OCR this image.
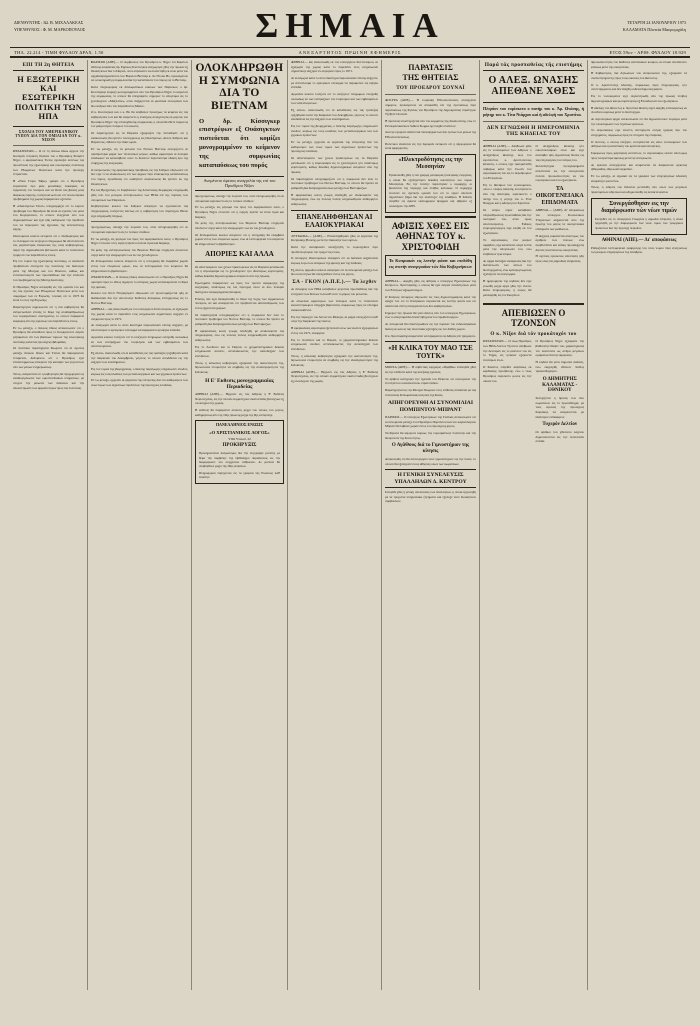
ΔΙΕΥΘΥΝΤΗΣ : ΙΩ. Β. ΜΙΧΑΛΑΚΕΑΣ
ΥΠΕΥΘΥΝΟΣ : Φ. Μ. ΜΑΡΚΟΠΟΥΛΟΣ	ΣΗΜΑΙΑ	ΤΕΤΑΡΤΗ 24 ΙΑΝΟΥΑΡΙΟΥ 1973
ΚΑΛΑΜΑΤΑ Πλατεία Μαυρομιχάλη
ΤΗΛ. 22.214 - ΤΙΜΗ ΦΥΛΛΟΥ ΔΡΑΧ. 1.50	ΑΝΕΞΑΡΤΗΤΟΣ ΠΡΩΙΝΗ ΕΦΗΜΕΡΙΣ	ΕΤΟΣ 59ον - ΑΡΙΘ. ΦΥΛΛΟΥ 18.929
ΕΠΙ ΤΗ 2η ΘΗΤΕΙΑ
Η ΕΞΩΤΕΡΙΚΗ ΚΑΙ ΕΣΩΤΕΡΙΚΗ ΠΟΛΙΤΙΚΗ ΤΩΝ ΗΠΑ
ΣΧΟΛΙΑ ΤΟΥ ΑΜΕΡΙΚΑΝΙΚΟΥ ΤΥΠΟΥ ΔΙΑ ΤΟΝ ΟΜΙΛΙΑΝ ΤΟΥ κ. ΝΙΞΟΝ

ΟΥΑΣΙΓΚΤΩΝ.— Ο εν τη Λευκω Οικω αρχισε την δευτεραν τετραετη θητειαν του ο Προεδρος Ρισαρντ Νιξον, ο αμερικανικος Τυπος σχολιαζει εκτενως τας προοπτικας της εξωτερικης και εσωτερικης πολιτικης των Ηνωμενων Πολιτειων κατα την προσεχη τετραετιαν.

Η «Νιου Γιορκ Ταϊμς» γραφει οτι ο Προεδρος ευρισκεται προ μιας μοναδικης ευκαιριας να τερματιση τον πολεμον και να θεσει τας βασεις μιας διαρκους ειρηνης, τονιζουσα ωστοσο οτι τα εσωτερικα προβληματα της χωρας παραμενουν οξυτατα.

Η «Ουασιγκτων Ποστ» υπογραμμιζει οτι το κυριον προβλημα του Προεδρου θα ειναι αι σχεσεις του μετα του Κογκρεσσου, το οποιον ελεγχεται υπο των Δημοκρατικων και εχει ηδη εκδηλωσει την προθεσιν του να περιορισει τας εξουσιας της εκτελεστικης αρχης.

Οικονομικοι κυκλοι εκτιμουν οτι ο πληθωρισμος και το ελλειμμα του ισοζυγιου πληρωμων θα αποτελεσουν τας μεγαλυτερας δυσκολιας της νεας κυβερνησεως, παρα την σημειωθεισαν βελτιωσιν κατα το τελευταιον τριμηνον του παρελθοντος ετους.

Εις τον τομεα της εξωτερικης πολιτικης, οι αναλυται προβλεπουν συνεχισιν της πολιτικης του διαλογου μετα της Μοσχας και του Πεκινου, καθως και εντατικοποιησιν των προσπαθειων δια την επιλυσιν του προβληματος της Μεσης Ανατολης.

Ο Προεδρος Νιξον ανεφερθη εις την ομιλιαν του και εις τας σχεσεις των Ηνωμενων Πολιτειων μετα των συμμαχων των εν Ευρωπη, τονισας οτι το 1973 θα ειναι το ετος της Ευρωπης.

Παρατηρηται σημειωνουν οτι η νεα κυβερνησις θα αντιμετωπισει επισης το θεμα της αναδιαρθρωσεως του νομισματικου συστηματος, το οποιον παραμενει εκκρεμες απο της κρισεως του παρελθοντος ετους.

Εν τω μεταξυ, ο Λευκος Οικος ανεκοινωσεν οτι ο Προεδρος θα απευθυνει προς το Κογκρεσσον σειραν μηνυματων επι των βασικων τομεων της εσωτερικης πολιτικης κατα τας προσεχεις εβδομαδας.

Οι πολιτικοι παρατηρηται θεωρουν οτι αι σχεσεις μεταξυ Λευκου Οικου και Τυπου θα παραμεινουν τεταμεναι, δεδομενου οτι ο Προεδρος εχει επανειλημμενως επικρινει την καλυψιν των γεγονοτων υπο των μεσων ενημερωσεως.

Τελος, αναμενεται οτι η κυβερνησις θα προχωρησει εις αναδιοργανωσιν των ομοσπονδιακων υπηρεσιων, με στοχον την μειωσιν των δαπανων και την αποκεντρωσιν των αρμοδιοτητων προς τας πολιτειας.

ΠΑΡΙΣΙΟΙ (ΑΠΕ).— Ο συμβουλος του Προεδρου κ. Νιξον επι θεματων εθνικης ασφαλειας δρ. Ερρικος Κισσινγκερ ανεχωρησε χθες την πρωιαν εξ Ουασιγκτων δια το Παρισι, οπου επρόκειτο να συναντηθη εκ νεου μετα του αρχιδιαπραγματευτου του Βορειου Βιετναμ κ. Λε Ντουκ Θο, προκειμενου να ολοκληρωθη η συμφωνια δια την καταπαυσιν του πυρος εις το Βιετναμ.

Κατα πληροφοριας εκ διπλωματικων κυκλων των Παρισιων, ο δρ. Κισσινγκερ εκομιζε μονογραμμένον υπο του Προεδρου Νιξον το κειμενον της συμφωνιας, το οποιον θα υπεγραφετο σημερον το απογευμα εις το ξενοδοχειον «Μαζεστικ», οπου διεξαγονται αι μυστικαι συνομιλιαι των δυο ανδρων απο του παρελθοντος Μαιου.

Ο κ. Κισσινγκερ και ο κ. Θο θα υπεβαλον προσεχως τα κειμενα εις τας κυβερνησεις των και θα ανεμενετο η επισημος αναγγελησις εκ μερους του Προεδρου Νιξον της επιτευχθεισης συμφωνιας, η οποια θα εθετε τερμα εις τον μακροτερον πολεμον του αιωνος.

Οι παρατηρηται εις τα Παρισια εξεφραζον την πεποιθησιν οτι η ανακοινωσις θα εγινετο ταυτοχρονως εις Ουασιγκτων, Αννοϊ, Σαϊγκον και Παρισιους, πιθανον την ιδιαν ωραν.

Εν τω μεταξυ, εις τα μετωπα του Νοτιου Βιετναμ συνεχιζοντο αι σφοδροτεραι μαχαι των τελευταιων μηνων, καθως αμφοτεραι αι πλευραι επεδιωκον να καταλαβουν οσον το δυνατον περισσοτερα εδαφη προ της εναρξεως της εκεχειριας.

Ο εκπροσωπος της αμερικανικης πρεσβειας εις την Σαϊγκον εδηλωσεν οτι δεν ειχε τι να ανακοινωση επι των φημων περι επικειμενης καταπαυσεως του πυρος, προσθεσας οτι οιαδηποτε ανακοινωσις θα εγινετο εκ της Ουασιγκτων.

Εις τας Βρυξελλας, το Συμβουλιον της Ατλαντικης Συμμαχιας ενημερωθη χθες υπο του μονιμου αντιπροσωπου των ΗΠΑ επι της πορειας των συνομιλιων των Παρισιων.

Κυβερνητικοι κυκλοι του Σαϊγκον απεφυγον να σχολιασουν τας πληροφοριας, τονιζοντες παντως οτι η κυβερνησις του στρατηγου Θιεου ειχε ενημερωθη πληρως.

προηγουμενως, αλλαξε την πορειαν του, οταν επληροφορηθη οτι αι συνομιλιαι ευρισκοντο εις το τελικον σταδιον.

Εν τω μεταξυ, εις μηνυμα του προς τον Αμερικανικον λαον, ο Προεδρος Νιξον ετονισεν οτι η ειρηνη πρεπει να ειναι τιμια και διαρκης.

Τα μελη της αντιπροσωπειας του Βορειου Βιετναμ ετηρησαν απολυτον σιγην κατα την αναχωρησιν των εκ του ξενοδοχειου.

Οι διπλωματικοι κυκλοι ανεμενον οτι η υπογραφη θα ελαμβανε χωραν εντος των επομενων ωρων, ενω αι λεπτομερειαι του κειμενου θα εδημοσιευοντο βραδυτερον.

ΟΥΑΣΙΓΚΤΩΝ.— Ο Λευκος Οικος ανεκοινωσεν οτι ο Προεδρος Νιξον θα ομιλησει προς το εθνος σημερον το εσπερας, χωρις να διευκρινισει το θεμα της ομιλιας.

Κυκλοι του Στειτ Ντηπαρτμεντ εδηλωσαν οτι προετοιμαζονται ηδη αι διαδικασιαι δια την αποστολην διεθνους δυναμεως επιτηρησεως εις το Νοτιον Βιετναμ.

ΑΘΗΝΑΙ.— Ως ανεκοινωθη εκ του υπουργειου Συντονισμου, αι εξαγωγαι της χωρας κατα το παρελθον ετος εσημειωσαν σημαντικην αυξησιν εν συγκρισει προς το 1971.

Αι εισαγωγαι κατα το αυτο διαστημα παρουσιασαν επισης αυξησιν, με αποτελεσμα το εμπορικον ελλειμμα να παραμεινει εις υψηλα επιπεδα.

Αρμοδιοι κυκλοι τονιζουν οτι το ισοζυγιον πληρωμων ενισχυθη ουσιωδως εκ των εισπραξεων του τουρισμου και των εμβασματων των ναυτιλλομενων.

Εξ αλλου, ανεκοινωθη οτι αι καταθεσεις εις τας τραπεζας ηυξηθησαν κατα την διαρκειαν του Δεκεμβριου, γεγονος το οποιον αποδιδεται εις την αυξησιν των εισοδηματων.

Εις τον τομεα της βιομηχανιας, ο δεικτης παραγωγης εσημειωσεν ανοδον, κυριως εις τους κλαδους των μεταλλουργικων και των χημικων προϊοντων.

Εν τω μεταξυ, ηρχισαν αι εργασιαι της επιτροπης δια τον καθορισμον των νεων τιμων των αγροτικων προϊοντων της προσεχους εσοδειας.

ΟΛΟΚΛΗΡΩΘΗ Η ΣΥΜΦΩΝΙΑ ΔΙΑ ΤΟ ΒΙΕΤΝΑΜ
Ο δρ. Κίσσιγκερ επιστρέφων εξ Ουάσιγκτων πιστεύεται ότι κομίζει μονογραμμένον το κείμενον της συμφωνίας καταπαύσεως του πυρός
Ανεμένετο άμεσος αναγγελία της επί του Προέδρου Νίξον

προηγουμενως, αλλαξε την πορειαν του, οταν επληροφορηθη οτι αι συνομιλιαι ευρισκοντο εις το τελικον σταδιον.

Εν τω μεταξυ, εις μηνυμα του προς τον Αμερικανικον λαον, ο Προεδρος Νιξον ετονισεν οτι η ειρηνη πρεπει να ειναι τιμια και διαρκης.

Τα μελη της αντιπροσωπειας του Βορειου Βιετναμ ετηρησαν απολυτον σιγην κατα την αναχωρησιν των εκ του ξενοδοχειου.

Οι διπλωματικοι κυκλοι ανεμενον οτι η υπογραφη θα ελαμβανε χωραν εντος των επομενων ωρων, ενω αι λεπτομερειαι του κειμενου θα εδημοσιευοντο βραδυτερον.

ΑΠΟΡΙΕΣ ΚΑΙ ΑΛΛΑ

Οι απεσταλμενοι των ξενων πρακτορειων εις τα Παρισια μετεδωσαν οτι η ατμοσφαιρα εις το ξενοδοχειον ητο ιδιαιτερως φορτισμενη, καθως δεκαδες δημοσιογραφων ανεμενον απο της πρωιας.

Ερωτηματα παραμενουν ως προς τον τροπον εφαρμογης της εκεχειριας, ιδιαιτερως εις τας περιοχας οπου αι δυο πλευραι διατηρουν αναμεμιγμενας δυναμεις.

Επισης, δεν εχει διευκρινισθη το θεμα της τυχης των αιχμαλωτων πολεμου, αν και αναφερεται οτι προβλεπεται απελευθερωσις των εντος εξηκοντα ημερων.

Οι παρατηρηται υπογραμμιζουν οτι η συμφωνια δεν λυει το πολιτικον προβλημα του Νοτιου Βιετναμ, το οποιον θα πρεπει να ρυθμισθη δια διαπραγματευσεων μεταξυ των Βιετναμεζων.

Η αμερικανικη κοινη γνωμη υπεδεχθη με ανακουφισιν τας πληροφοριας, ενω εις πολλας πολεις εσημειωθησαν αυθορμητοι εκδηλωσεις.

Εις το Λονδινον και το Παρισι, οι χρηματιστηριακοι δεικται εσημειωσαν ανοδον, αντανακλωντες την αισιοδοξιαν των επενδυτων.

Τελος, η ιαπωνικη κυβερνησις εξεφρασε την ικανοποιησιν της, δηλωνουσα ετοιμοτητα να συμβαλη εις την ανασυγκροτησιν της Ινδοκινας.

Η Ε' Εκθεσις μονογραμμιαίας Περιοδείας

ΑΘΗΝΑΙ (ΑΠΕ).— Ηρχισεν εις τας Αθηνας η Ε' Εκθεσις Χειροτεχνιας, εις την οποιαν συμμετεχουν εκατονταδες βιοτεχνων εξ ολοκληρου της χωρας.

Η εκθεσις θα παραμεινει ανοικτη μεχρι του τελους του μηνος, καθημερινως απο της 10ης πρωινης μεχρι της 9ης εσπερινης.

ΠΑΝΕΛΛΗΝΙΟΣ ΕΝΩΣΙΣ
«Ο ΧΡΙΣΤΙΑΝΙΚΟΣ ΛΟΓΟΣ»
ΥΠΟ Υποκατ. 22
ΠΡΟΚΗΡΥΞΙΣ

Προκηρυσσεται διαγωνισμος δια την συγγραφην μελετης με θεμα την συμβολην της Ορθοδοξου παραδοσεως εις την διαμορφωσιν του συγχρονου ανθρωπου. Αι μελεται θα υποβληθουν μεχρι της 30ης Απριλιου.

Πληροφοριαι παρεχονται εις τα γραφεια της Ενωσεως καθ' εκαστην.

ΑΘΗΝΑΙ.— Ως ανεκοινωθη εκ του υπουργειου Συντονισμου, αι εξαγωγαι της χωρας κατα το παρελθον ετος εσημειωσαν σημαντικην αυξησιν εν συγκρισει προς το 1971.

Αι εισαγωγαι κατα το αυτο διαστημα παρουσιασαν επισης αυξησιν, με αποτελεσμα το εμπορικον ελλειμμα να παραμεινει εις υψηλα επιπεδα.

Αρμοδιοι κυκλοι τονιζουν οτι το ισοζυγιον πληρωμων ενισχυθη ουσιωδως εκ των εισπραξεων του τουρισμου και των εμβασματων των ναυτιλλομενων.

Εξ αλλου, ανεκοινωθη οτι αι καταθεσεις εις τας τραπεζας ηυξηθησαν κατα την διαρκειαν του Δεκεμβριου, γεγονος το οποιον αποδιδεται εις την αυξησιν των εισοδηματων.

Εις τον τομεα της βιομηχανιας, ο δεικτης παραγωγης εσημειωσεν ανοδον, κυριως εις τους κλαδους των μεταλλουργικων και των χημικων προϊοντων.

Εν τω μεταξυ, ηρχισαν αι εργασιαι της επιτροπης δια τον καθορισμον των νεων τιμων των αγροτικων προϊοντων της προσεχους εσοδειας.

Οι απεσταλμενοι των ξενων πρακτορειων εις τα Παρισια μετεδωσαν οτι η ατμοσφαιρα εις το ξενοδοχειον ητο ιδιαιτερως φορτισμενη, καθως δεκαδες δημοσιογραφων ανεμενον απο της πρωιας.

Οι παρατηρηται υπογραμμιζουν οτι η συμφωνια δεν λυει το πολιτικον προβλημα του Νοτιου Βιετναμ, το οποιον θα πρεπει να ρυθμισθη δια διαπραγματευσεων μεταξυ των Βιετναμεζων.

Η αμερικανικη κοινη γνωμη υπεδεχθη με ανακουφισιν τας πληροφοριας, ενω εις πολλας πολεις εσημειωθησαν αυθορμητοι εκδηλωσεις.

ΕΠΑΝΕΛΗΦΘΗΣΑΝ ΑΙ ΕΛΑΙΟΚΥΡΙΑΚΑΙ

ΛΕΥΚΩΣΙΑ.— (ΑΠΕ).— Επανελήφθησαν χθες αι εργασιαι της Κυπριακης Βουλης, μετα την διακοπην των εορτων.

Κατα την συνεδριασιν συνεζητηθη το νομοσχεδιον περι προϋπολογισμου του τρεχοντος ετους.

Ο υπουργος Οικονομικων ανεφερεν οτι αι δαπαναι αυξανονται κυριως λογω των αναγκων της αμυνης και της παιδειας.

Εξ αλλου, αρμοδιοι κυκλοι ανεφεραν οτι αι συνομιλιαι μεταξυ των δυο κοινοτητων θα συνεχισθουν εντος του μηνος.

ΣΑ - ΓΚΟΝ (Α.Π.Ε.).— Τα λεχθεν

Αι δυναμεις των ΗΠΑ κατεβαλον μεγιστας προσπαθειας δια την ενισχυσιν των θεσεων των καθ' ολον το μηκος του μετωπου.

Αι απωλειαι αμφοτερων των πλευρων κατα το τελευταιον εικοσιτετραωρον υπηρξαν βαρυταται, συμφωνως προς τα επισημα ανακοινωθεντα.

Εις την περιοχην του Δελτα του Μεκογκ, αι μαχαι συνεχιζοντο καθ' ολην την διαρκειαν της νυκτος.

Η αμερικανικη αεροπορια εξετελεσεν ανω των εκατον εξορμησεων εντος του 1971, ανεφεραν.

Εις το Λονδινον και το Παρισι, οι χρηματιστηριακοι δεικται εσημειωσαν ανοδον, αντανακλωντες την αισιοδοξιαν των επενδυτων.

Τελος, η ιαπωνικη κυβερνησις εξεφρασε την ικανοποιησιν της, δηλωνουσα ετοιμοτητα να συμβαλη εις την ανασυγκροτησιν της Ινδοκινας.

ΑΘΗΝΑΙ (ΑΠΕ).— Ηρχισεν εις τας Αθηνας η Ε' Εκθεσις Χειροτεχνιας, εις την οποιαν συμμετεχουν εκατονταδες βιοτεχνων εξ ολοκληρου της χωρας.

ΠΑΡΑΤΑΣΙΣ
ΤΗΣ ΘΗΤΕΙΑΣ
ΤΟΥ ΠΡΟΕΔΡΟΥ ΣΟΥΝΑΪ

ΑΓΚΥΡΑ (ΑΠΕ).— Η τουρκικη Εθνοσυνελευσις συνερχεται σημερον, προκειμενου να αποφανθη επι της προτασεως περι παρατασεως της θητειας του Προεδρου της Δημοκρατιας στρατηγου Τζεβντετ Σουναϊ.

Η προτασις υποστηριζεται υπο του κομματος της Δικαιοσυνης, ενω το Ρεπουμπλικανικον Λαϊκον Κομμα εχει ταχθει εναντιον.

Δια την εγκρισιν απαιτειται πλειοψηφια των δυο τριτων των μελων της Εθνοσυνελευσεως.

Πολιτικοι αναλυται εις την Αγκυραν εκτιμουν οτι η ψηφοφορια θα ειναι αμφιρροπος.

«Ηλεκτροδότησις εις την Μεσσηνίαν

Εγκαινιασθη χθες η νεα γραμμη μεταφορας ηλεκτρικης ενεργειας, η οποια θα εξυπηρετησει δεκαδες κοινοτητων του νομου Μεσσηνιας. Εις την τελετην παρεστησαν ο νομαρχης, οι βουλευται της περιοχης και πληθος κατοικων. Ο νομαρχης ετονισεν εις σχετικην ομιλιαν του οτι το εργον αποτελει σημαντικον βημα δια την αναπτυξιν της υπαιθρου. Η δαπανη ανηλθεν εις αρκετα εκατομμυρια δραχμων και εβαρυνε εξ ολοκληρου την ΔΕΗ.

ΑΦΙΞΙΣ ΧΘΕΣ ΕΙΣ ΑΘΗΝΑΣ ΤΟΥ κ. ΧΡΙΣΤΟΦΙΔΗ
Το Κυπριακόν εις λεπτήν φάσιν και επεδόθη εις στενήν συνεργασίαν τών δύο Κυβερνήσεων

ΑΘΗΝΑΙ.— Αφιχθη χθες εις Αθηνας ο υπουργος Εξωτερικων της Κυπρου κ. Χριστοφιδης, ο οποιος θα εχει σειραν συναντησεων μετα των Ελληνων αξιωματουχων.

Ο Κυπριος υπουργος εδηλωσεν εις τους δημοσιογραφους κατα την αφιξιν του οτι το Κυπριακον ευρισκεται εις λεπτην φασιν και οτι απαιτειται στενη συνεργασια των δυο κυβερνησεων.

Σημερον την πρωιαν θα γινει δεκτος υπο του υπουργου Εξωτερικων, ενω το απογευμα θα συναντηθη μετα του πρωθυπουργου.

Αι συνομιλιαι θα επικεντρωθουν εις την πορειαν του ενδοκυπριακου διαλογου και εις τας τελευταιας εξελιξεις εις τον διεθνη χωρον.

Ο κ. Χριστοφιδης αναμενεται να παραμεινει εις Αθηνας επι τριημερον.

«Η ΚΛΙΚΑ ΤΟΥ ΜΑΟ ΤΣΕ ΤΟΥΓΚ»

ΜΟΣΧΑ (ΑΠΕ).— Η σοβιετικη εφημερις «Πραβδα» επανηλθε χθες εις την επιθεσιν κατα της κινεζικης ηγεσιας.

Το αρθρον κατηγορει την ηγεσιαν του Πεκινου οτι υπονομευει την ενοτητα του σοσιαλιστικου στρατοπεδου.

Παρατηρηται εις την Μοσχαν θεωρουν οτι η επιθεσις συνδεεται με τας τελευταιας διπλωματικας κινησεις της Κινας.

ΑΠΗΓΟΡΕΥΘΗ ΑΙ ΣΥΝΟΜΙΛΙΑΙ ΠΟΜΠΙΝΤΟΥ-ΜΠΡΑΝΤ

ΠΑΡΙΣΙΟΙ.— Ο υπουργος Εξωτερικων της Γαλλιας ανεκοινωσεν οτι αι συνομιλιαι μεταξυ του Προεδρου Πομπιντου και του καγκελλαριου Μπραντ θα λαβουν χωραν εντος του προσεχους μηνος.

Τα θεματα θα αφορουν κυριως την νομισματικην πολιτικην και την διευρυνσιν της Κοινοτητος.

Ο ΑγάΘους διά το Γιμνοστήριον της κίνησις

Ανεκοινωθη οτι θα λειτουργησει νεον γυμναστηριον εις την πολιν, το οποιον θα εξυπηρετει τους αθλητας ολων των σωματειων.

Η ΓΕΝΙΚΗ ΣΥΝΕΛΕΥΣΙΣ ΥΠΑΛΛΗΛΩΝ Δ. ΚΕΝΤΡΟΥ

Συνηλθε χθες η γενικη συνελευσις των υπαλληλων, η οποια ησχοληθη με τα τρεχοντα υπηρεσιακα ζητηματα και εξελεξε νεον διοικητικον συμβουλιον.

Παρά τάς προσπαθείας τής επιστήμης
Ο ΑΛΕΞ. ΩΝΑΣΗΣ ΑΠΕΘΑΝΕ ΧΘΕΣ
Πλησίον του ευρίσκετο ο πατήρ του κ. Άρ. Ωνάσης, ή μήτηρ του κ. Τίνα Νιάρχου καί ή αδελφή του Χριστίνα.
ΔΕΝ ΕΓΝΩΣΘΗ Η ΗΜΕΡΟΜΗΝΙΑ ΤΗΣ ΚΗΔΕΙΑΣ ΤΟΥ

ΑΘΗΝΑΙ (ΑΠΕ).— Απεβιωσε χθες εις το νοσοκομειον των Αθηνων ο Αλεξανδρος Ωνασης, υιος του εφοπλιστου κ. Αριστοτελους Ωνασση, ο οποιος ειχε τραυματισθη σοβαρως κατα την πτωσιν του αεροσκαφους του εις το αεροδρομιον του Ελληνικου.

Εις το θαλαμον του νοσοκομειου, οπου ο νεαρος Ωνασης ενοσηλευετο απο της Δευτερας, ευρισκοντο ο πατηρ του, η μητηρ του κ. Τινα Νιαρχου και η αδελφη του Χριστινα.

Οι ιατροι ειχαν καταβαλει υπερανθρωπους προσπαθειας δια την σωτηριαν του, ανευ ομως αποτελεσματος. Ειδικος νευροχειρουργος ειχε κληθη εκ του εξωτερικου.

Το αεροσκαφος, ενα μικρον αμφιβιον, ειχε καταπεσει ολιγα λεπτα μετα την απογειωσιν του, ενω επεβαινον τρια ατομα.

Αι αρχαι διεταξαν ανακρισεις δια την διαπιστωσιν των αιτιων του δυστυχηματος, ενω εμπειρογνωμονες εξεταζουν τα συντριμμια.

Η ημερομηνια της κηδειας δεν ειχε γνωσθη μεχρι αργα χθες την νυκτα. Κατα πληροφοριας, η σορος θα μεταφερθη εις τον Σκορπιον.

Ο Αλεξανδρος Ωνασης ητο εικοσιτεσσαρων ετων και ειχε αναλαβει ηδη σημαντικας θεσεις εις τας επιχειρησεις του πατρος του.

Συλλυπητηρια τηλεγραφηματα απεστειλαν εις την οικογενειαν πολλαι προσωπικοτητες εκ του εσωτερικου και του εξωτερικου.

ΤΑ ΟΙΚΟΓΕΝΕΙΑΚΑ ΕΠΙΔΟΜΑΤΑ

ΑΘΗΝΑΙ.— (ΑΠΕ). Δι' αποφασεως του υπουργου Κοινωνικων Υπηρεσιων αυξανονται απο της πρωτης του μηνος τα οικογενειακα επιδοματα των μισθωτων.

Η αυξησις κυμαινεται αναλογως του αριθμου των τεκνων, ενω προβλεπεται και ειδικη προσαυξησις δια τας πολυτεκνους οικογενειας.

Η σχετικη εγκυκλιος απεσταλη ηδη προς ολας τας αρμοδιας υπηρεσιας.

ΑΠΕΒΙΩΣΕΝ Ο ΤΖΟΝΣΟΝ
Ο κ. Νίξον διά τόν προκάτοχόν του

ΟΥΑΣΙΓΚΤΩΝ.— Ο τεως Προεδρος των ΗΠΑ Λυντον Τζονσον απεβιωσε την Δευτεραν εις το ραντσον του εις το Τεξας, εις ηλικιαν εξηκοντα τεσσαρων ετων.

Ο θανατος επηλθεν αιφνιδιως εκ καρδιακης προσβολης, ενω ο τεως Προεδρος ευρισκετο μονος εις την οικιαν του.

Ο Προεδρος Νιξον εξεφρασε την βαθυτατην θλιψιν του, χαρακτηρισας τον εκλιποντα ως ανδρα μεγαλων οραματων δια την Αμερικην.

Η κηδεια θα γινει δημοσια δαπανη, ενω εκηρυχθη εθνικον πενθος τριακονθημερον.

Ο ΔΗΜΗΤΡΗΣ ΚΑΛΑΜΑΤΑΣ - ΕΘΝΙΚΟΥ

Συνεχιζεται η δρασις των δυο σωματειων εις το πρωταθλημα, με τους αγωνας της προσεχους Κυριακης να αναμενονται με ιδιαιτερον ενδιαφερον.

Τυχερόν Δελτίον

Οι αριθμοι του χθεσινου λαχειου δημοσιευονται εις την τελευταιαν σελιδα.

προσωπικοτητες του διεθνους ναυτιλιακου κοσμου, αι οποιαι συνεδεοντο φιλικως μετα της οικογενειας.

Η Κυβερνησις, δια δηλωσεων του εκπροσωπου της, εξεφρασε τα συλλυπητηρια της προς τους οικειους του θανοντος.

Ο κ. Αριστοτελης Ωνασης, συμφωνως προς πληροφοριας, ητο συντετριμμενος και δεν εδεχθη ουδενα δημοσιογραφον.

Εις το νοσοκομειον ειχε συγκεντρωθη απο της πρωιας πληθος δημοσιογραφων και φωτορεπορτερ εξ Ελλαδος και του εξωτερικου.

Η αδελφη του θανοντος κ. Χριστινα Ωναση ειχεν αφιχθη εσπευσμενως εκ Λονδινου αμεσως μετα το δυστυχημα.

Αι αεροπορικαι αρχαι ανεκοινωσαν οτι θα δημοσιευσουν πορισμα μετα την ολοκληρωσιν των τεχνικων ερευνων.

Το αεροσκαφος ειχε υποστη συντηρησιν ολιγας ημερας προ του ατυχηματος, συμφωνως προς τα στοιχεια της εταιρειας.

Ο πιλοτος, ο οποιος επεζησε, νοσηλευεται εις αλλο νοσοκομειον των Αθηνων και η κατασταση του κρινεται ικανοποιητικη.

Συμφωνως προς μαρτυριας αυτοπτων, το αεροσκαφος εκλινε αποτομως προς τα αριστερα αμεσως μετα την απογειωσιν.

Αι ερευναι συνεχιζονται και αναμενεται να διαρκεσουν αρκετας εβδομαδας, εδηλωσαν αρμοδιοι.

Εν τω μεταξυ, αι σημαιαι εις τα γραφεια των επιχειρησεων Ωνασση εκυματιζον μεσιστιοι.

Τελος, η ειδησις του θανατου μετεδοθη υπο ολων των μεγαλων πρακτορειων ειδησεων και εδημοσιευθη εις εκτακτα φυλλα.

Συνεργάσθησαν εις την διαμόρφωσιν τών νέων τιμών

Συνηλθεν εις το υπουργειον Γεωργιας η αρμοδια επιτροπη, η οποια ησχοληθη με την διαμορφωσιν των νεων τιμων των γεωργικων προϊοντων δια την προσεχη περιοδον.

ΑΘΗΝΑΙ (ΑΠΕ).— Δι' αποφάσεως

Ρυθμιζονται λεπτομερειαι εφαρμογης του νεου νομου περι ενισχυσεως των μικρων επιχειρησεων της υπαιθρου.
